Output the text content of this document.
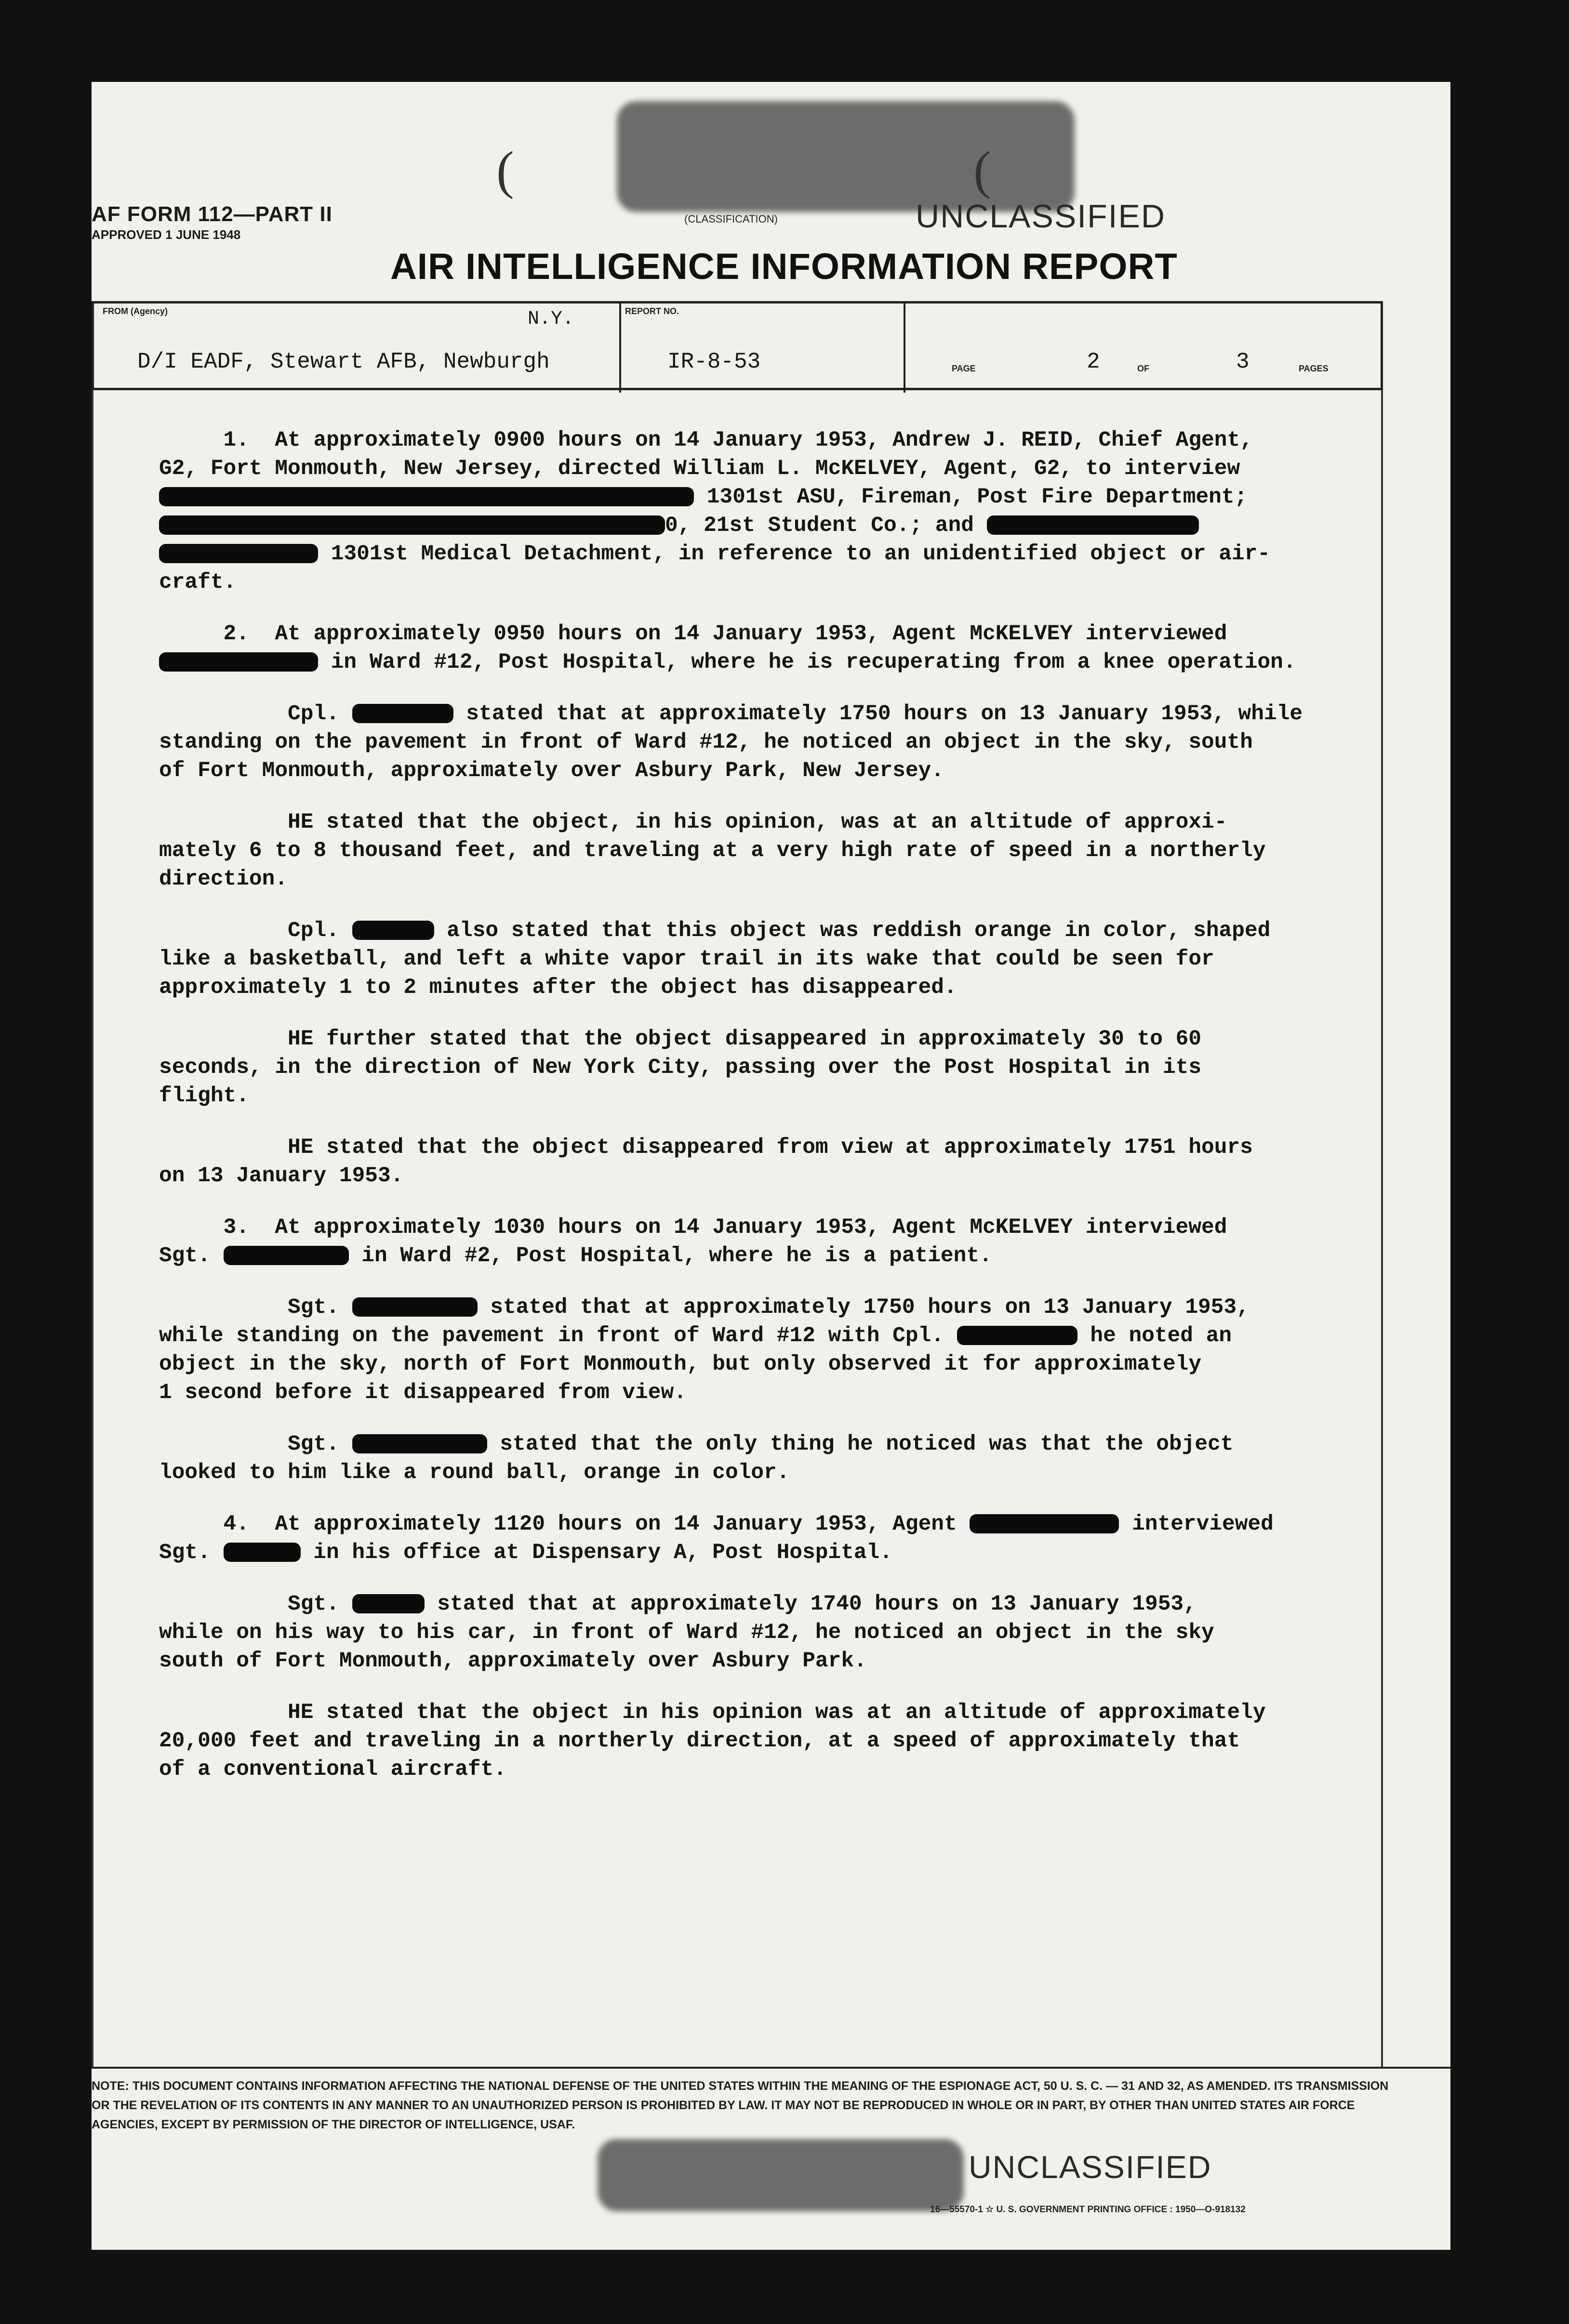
(	(
AF FORM 112—PART II
APPROVED 1 JUNE 1948
(CLASSIFICATION)	UNCLASSIFIED
AIR INTELLIGENCE INFORMATION REPORT
FROM (Agency)	REPORT NO.
N.Y.
D/I EADF, Stewart AFB, Newburgh	IR-8-53	PAGE	2	OF	3	PAGES

1.  At approximately 0900 hours on 14 January 1953, Andrew J. REID, Chief Agent,
G2, Fort Monmouth, New Jersey, directed William L. McKELVEY, Agent, G2, to interview
1301st ASU, Fireman, Post Fire Department;
0, 21st Student Co.; and
1301st Medical Detachment, in reference to an unidentified object or air-
craft.

2.  At approximately 0950 hours on 14 January 1953, Agent McKELVEY interviewed
in Ward #12, Post Hospital, where he is recuperating from a knee operation.

Cpl.	stated that at approximately 1750 hours on 13 January 1953, while
standing on the pavement in front of Ward #12, he noticed an object in the sky, south
of Fort Monmouth, approximately over Asbury Park, New Jersey.

HE stated that the object, in his opinion, was at an altitude of approxi-
mately 6 to 8 thousand feet, and traveling at a very high rate of speed in a northerly
direction.

Cpl.	also stated that this object was reddish orange in color, shaped
like a basketball, and left a white vapor trail in its wake that could be seen for
approximately 1 to 2 minutes after the object has disappeared.

HE further stated that the object disappeared in approximately 30 to 60
seconds, in the direction of New York City, passing over the Post Hospital in its
flight.

HE stated that the object disappeared from view at approximately 1751 hours
on 13 January 1953.

3.  At approximately 1030 hours on 14 January 1953, Agent McKELVEY interviewed
Sgt.	in Ward #2, Post Hospital, where he is a patient.

Sgt.	stated that at approximately 1750 hours on 13 January 1953,
while standing on the pavement in front of Ward #12 with Cpl.	he noted an
object in the sky, north of Fort Monmouth, but only observed it for approximately
1 second before it disappeared from view.

Sgt.	stated that the only thing he noticed was that the object
looked to him like a round ball, orange in color.

4.  At approximately 1120 hours on 14 January 1953, Agent	interviewed
Sgt.	in his office at Dispensary A, Post Hospital.

Sgt.	stated that at approximately 1740 hours on 13 January 1953,
while on his way to his car, in front of Ward #12, he noticed an object in the sky
south of Fort Monmouth, approximately over Asbury Park.

HE stated that the object in his opinion was at an altitude of approximately
20,000 feet and traveling in a northerly direction, at a speed of approximately that
of a conventional aircraft.

NOTE: THIS DOCUMENT CONTAINS INFORMATION AFFECTING THE NATIONAL DEFENSE OF THE UNITED STATES WITHIN THE MEANING OF THE ESPIONAGE ACT, 50 U. S. C. — 31 AND 32, AS AMENDED. ITS TRANSMISSION OR THE REVELATION OF ITS CONTENTS IN ANY MANNER TO AN UNAUTHORIZED PERSON IS PROHIBITED BY LAW. IT MAY NOT BE REPRODUCED IN WHOLE OR IN PART, BY OTHER THAN UNITED STATES AIR FORCE AGENCIES, EXCEPT BY PERMISSION OF THE DIRECTOR OF INTELLIGENCE, USAF.
UNCLASSIFIED
16—55570-1 ☆ U. S. GOVERNMENT PRINTING OFFICE : 1950—O-918132
